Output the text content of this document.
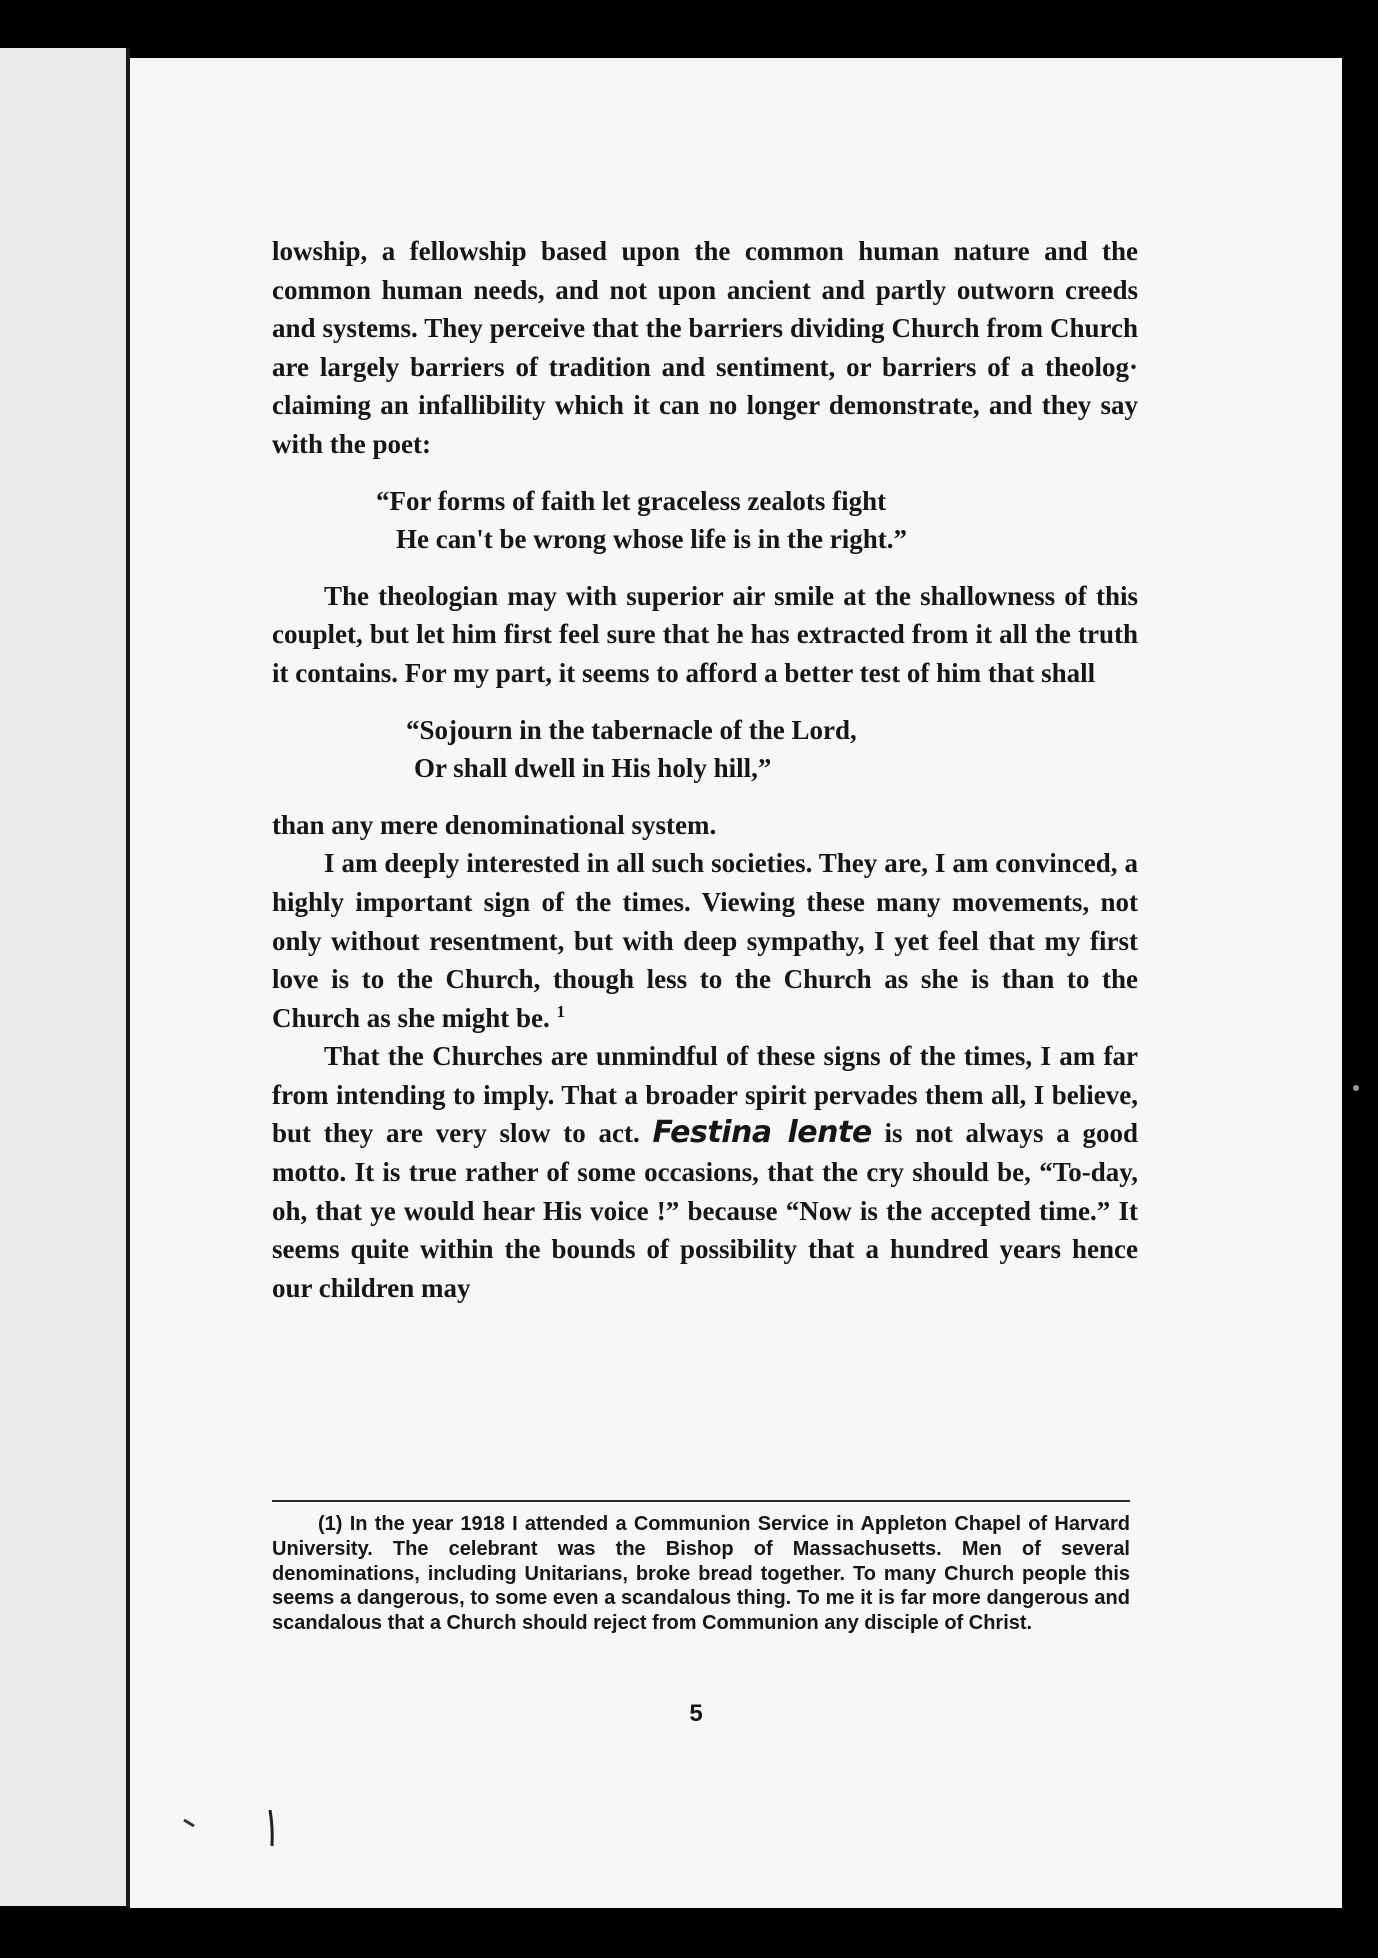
lowship, a fellowship based upon the common human nature and the common human needs, and not upon ancient and partly outworn creeds and systems. They perceive that the barriers dividing Church from Church are largely barriers of tradition and sentiment, or barriers of a theolog· claiming an infallibility which it can no longer demonstrate, and they say with the poet:

“For forms of faith let graceless zealots fight
He can't be wrong whose life is in the right.”

The theologian may with superior air smile at the shallowness of this couplet, but let him first feel sure that he has extracted from it all the truth it contains. For my part, it seems to afford a better test of him that shall

“Sojourn in the tabernacle of the Lord,
Or shall dwell in His holy hill,”

than any mere denominational system.

I am deeply interested in all such societies. They are, I am convinced, a highly important sign of the times. Viewing these many movements, not only without resentment, but with deep sympathy, I yet feel that my first love is to the Church, though less to the Church as she is than to the Church as she might be. $^1$

That the Churches are unmindful of these signs of the times, I am far from intending to imply. That a broader spirit pervades them all, I believe, but they are very slow to act. Festina lente is not always a good motto. It is true rather of some occasions, that the cry should be, “To-day, oh, that ye would hear His voice !” because “Now is the accepted time.” It seems quite within the bounds of possibility that a hundred years hence our children may

(1) In the year 1918 I attended a Communion Service in Appleton Chapel of Harvard University. The celebrant was the Bishop of Massachusetts. Men of several denominations, including Unitarians, broke bread together. To many Church people this seems a dangerous, to some even a scandalous thing. To me it is far more dangerous and scandalous that a Church should reject from Communion any disciple of Christ.

5
